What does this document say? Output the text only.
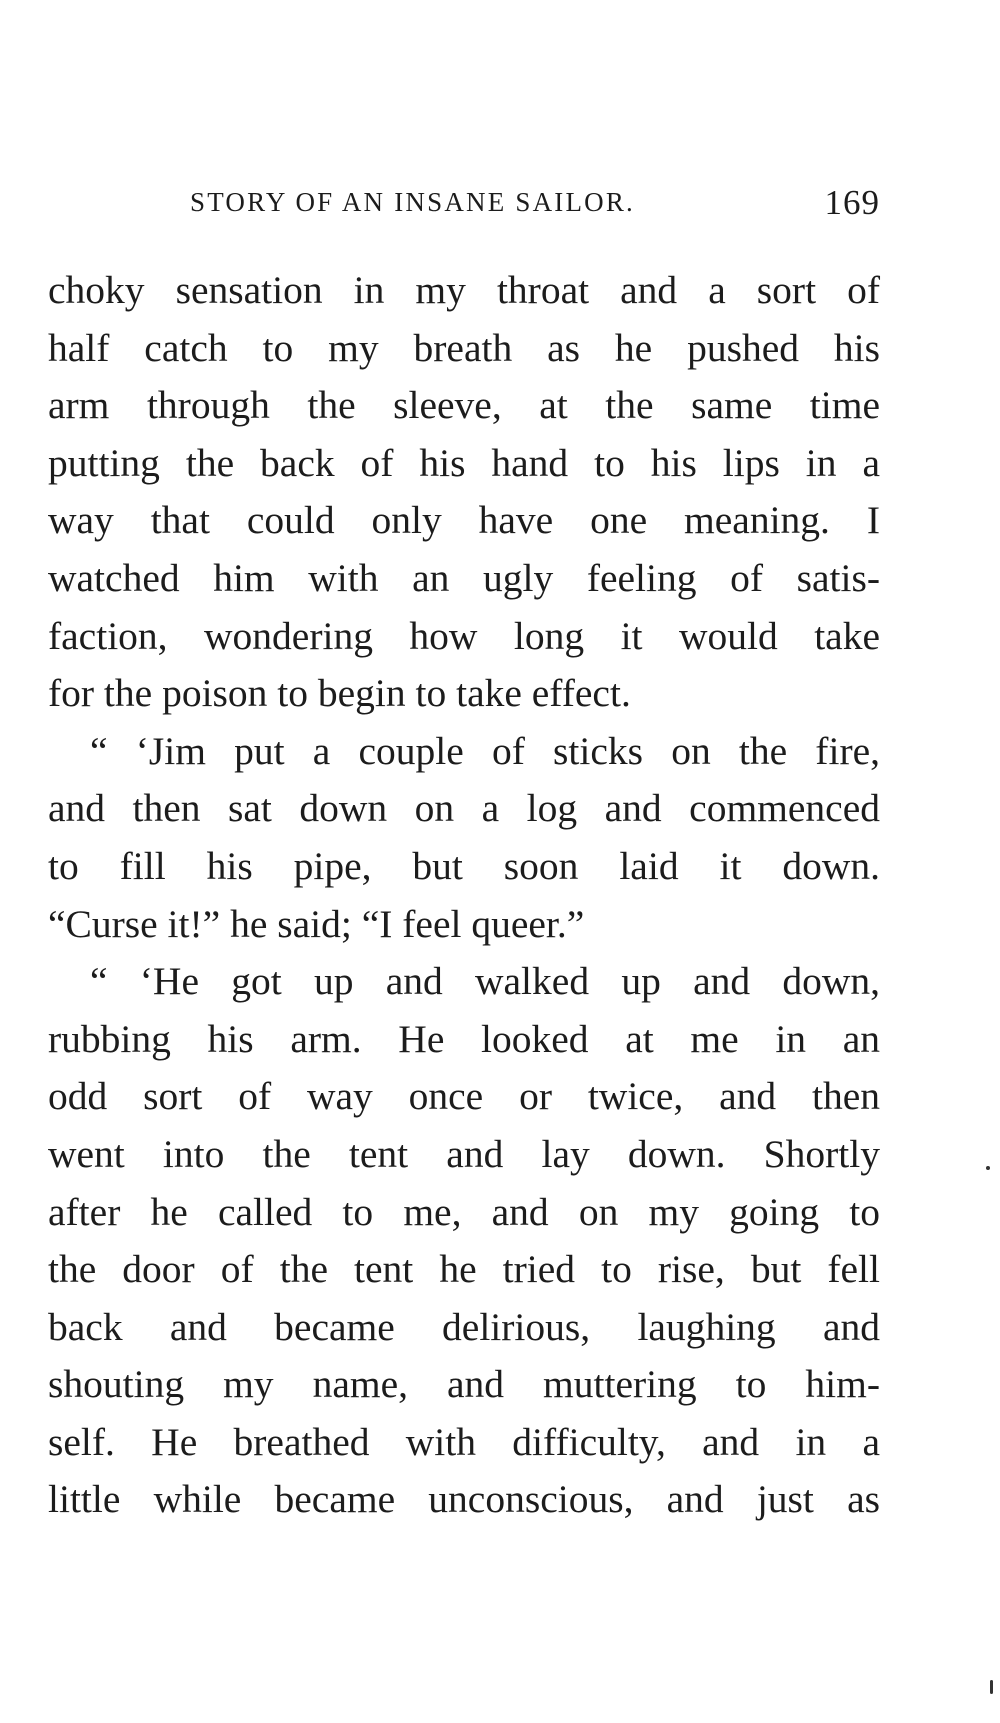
STORY OF AN INSANE SAILOR.	169
choky sensation in my throat and a sort of
half catch to my breath as he pushed his
arm through the sleeve, at the same time
putting the back of his hand to his lips in a
way that could only have one meaning. I
watched him with an ugly feeling of satis-
faction, wondering how long it would take
for the poison to begin to take effect.
“ ‘Jim put a couple of sticks on the fire,
and then sat down on a log and commenced
to fill his pipe, but soon laid it down.
“Curse it!” he said; “I feel queer.”
“ ‘He got up and walked up and down,
rubbing his arm. He looked at me in an
odd sort of way once or twice, and then
went into the tent and lay down. Shortly
after he called to me, and on my going to
the door of the tent he tried to rise, but fell
back and became delirious, laughing and
shouting my name, and muttering to him-
self. He breathed with difficulty, and in a
little while became unconscious, and just as
